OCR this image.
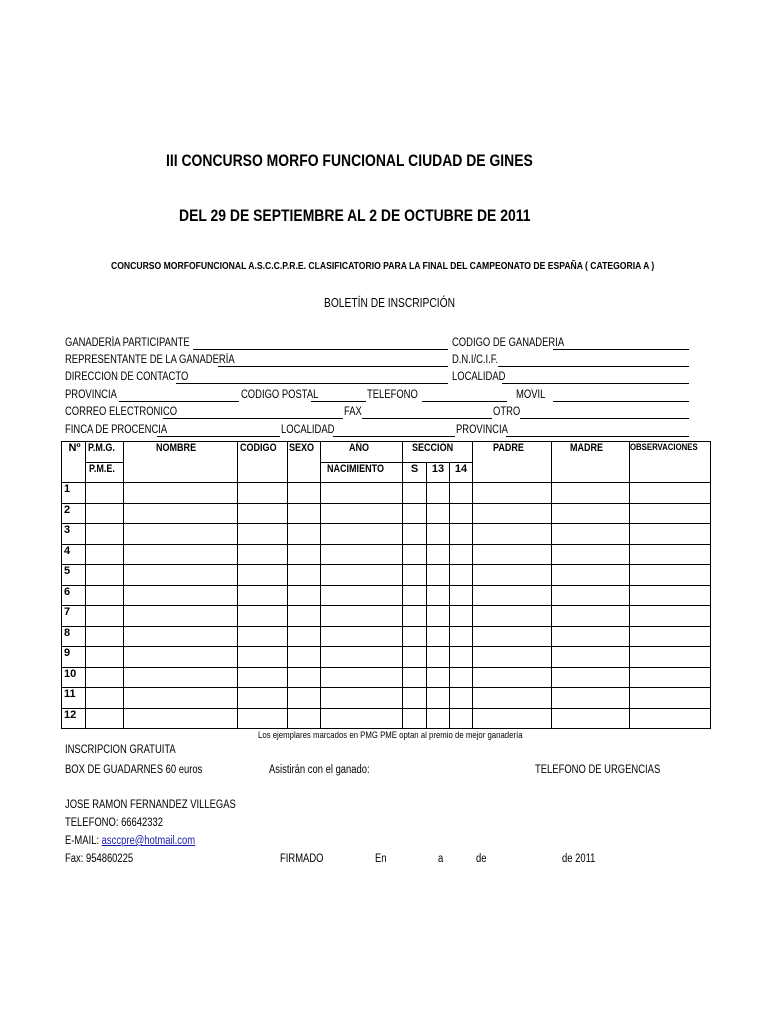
III CONCURSO MORFO FUNCIONAL CIUDAD DE GINES
DEL 29 DE SEPTIEMBRE AL 2 DE OCTUBRE DE 2011
CONCURSO MORFOFUNCIONAL A.S.C.C.P.R.E. CLASIFICATORIO PARA LA FINAL DEL CAMPEONATO DE ESPAÑA ( CATEGORIA A )
BOLETÍN DE INSCRIPCIÓN
GANADERÍA PARTICIPANTE	CODIGO DE GANADERIA
REPRESENTANTE DE LA GANADERÍA	D.N.I/C.I.F.
DIRECCION DE CONTACTO	LOCALIDAD
PROVINCIA	CODIGO POSTAL	TELEFONO	MOVIL
CORREO ELECTRONICO	FAX	OTRO
FINCA DE PROCENCIA	LOCALIDAD	PROVINCIA
Nº	P.M.G.	NOMBRE	CODIGO	SEXO	AÑO	SECCIÓN			PADRE	MADRE	OBSERVACIONES
	P.M.E.				NACIMIENTO	S	13	14			
1											
2											
3											
4											
5											
6											
7											
8											
9											
10											
11											
12											
Los ejemplares marcados en PMG PME optan al premio de mejor ganadería
INSCRIPCION GRATUITA
BOX DE GUADARNES 60 euros	Asistirán con el ganado:	TELEFONO DE URGENCIAS
JOSE RAMON FERNANDEZ VILLEGAS
TELEFONO: 66642332
E-MAIL: asccpre@hotmail.com
Fax: 954860225	FIRMADO	En	a	de	de 2011
